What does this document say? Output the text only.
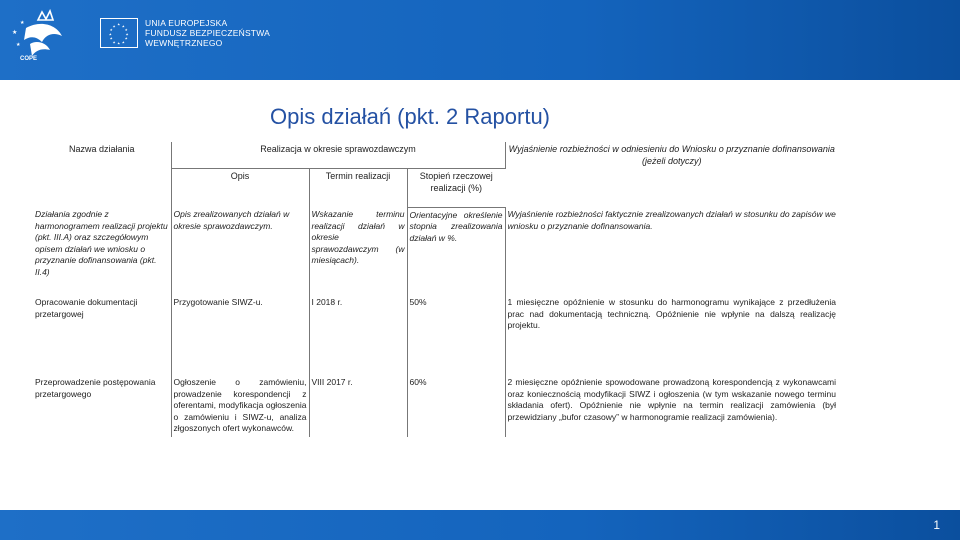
★
★
★
COPE
★ ★
★
★
★
★
★
★
★
★
★
★	UNIA EUROPEJSKA
FUNDUSZ BEZPIECZEŃSTWA
WEWNĘTRZNEGO
Opis działań (pkt. 2 Raportu)
Nazwa działania	Realizacja w okresie sprawozdawczym			Wyjaśnienie rozbieżności w odniesieniu do Wniosku o przyznanie dofinansowania (jeżeli dotyczy)
	Opis	Termin realizacji	Stopień rzeczowej realizacji (%)	
Działania zgodnie z harmonogramem realizacji projektu (pkt. III.A) oraz szczegółowym opisem działań we wniosku o przyznanie dofinansowania (pkt. II.4)	Opis zrealizowanych działań w okresie sprawozdawczym.	Wskazanie terminu realizacji działań w okresie sprawozdawczym (w miesiącach).	Orientacyjne określenie stopnia zrealizowania działań w %.	Wyjaśnienie rozbieżności faktycznie zrealizowanych działań w stosunku do zapisów we wniosku o przyznanie dofinansowania.
Opracowanie dokumentacji przetargowej	Przygotowanie SIWZ-u.	I 2018 r.	50%	1 miesięczne opóźnienie w stosunku do harmonogramu wynikające z przedłużenia prac nad dokumentacją techniczną. Opóźnienie nie wpłynie na dalszą realizację projektu.
Przeprowadzenie postępowania przetargowego	Ogłoszenie o zamówieniu, prowadzenie korespondencji z oferentami, modyfikacja ogłoszenia o zamówieniu i SIWZ-u, analiza złgoszonych ofert wykonawców.	VIII 2017 r.	60%	2 miesięczne opóźnienie spowodowane prowadzoną korespondencją z wykonawcami oraz koniecznością modyfikacji SIWZ i ogłoszenia (w tym wskazanie nowego terminu składania ofert). Opóźnienie nie wpłynie na termin realizacji zamówienia (był przewidziany „bufor czasowy” w harmonogramie realizacji zamówienia).
1
